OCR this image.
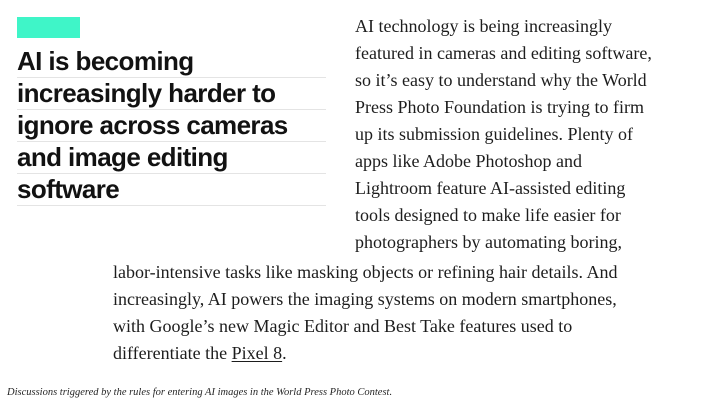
AI is becoming
increasingly harder to
ignore across cameras
and image editing
software
AI technology is being increasingly
featured in cameras and editing software,
so it’s easy to understand why the World
Press Photo Foundation is trying to firm
up its submission guidelines. Plenty of
apps like Adobe Photoshop and
Lightroom feature AI-assisted editing
tools designed to make life easier for
photographers by automating boring,
labor-intensive tasks like masking objects or refining hair details. And
increasingly, AI powers the imaging systems on modern smartphones,
with Google’s new Magic Editor and Best Take features used to
differentiate the Pixel 8.
Discussions triggered by the rules for entering AI images in the World Press Photo Contest.
